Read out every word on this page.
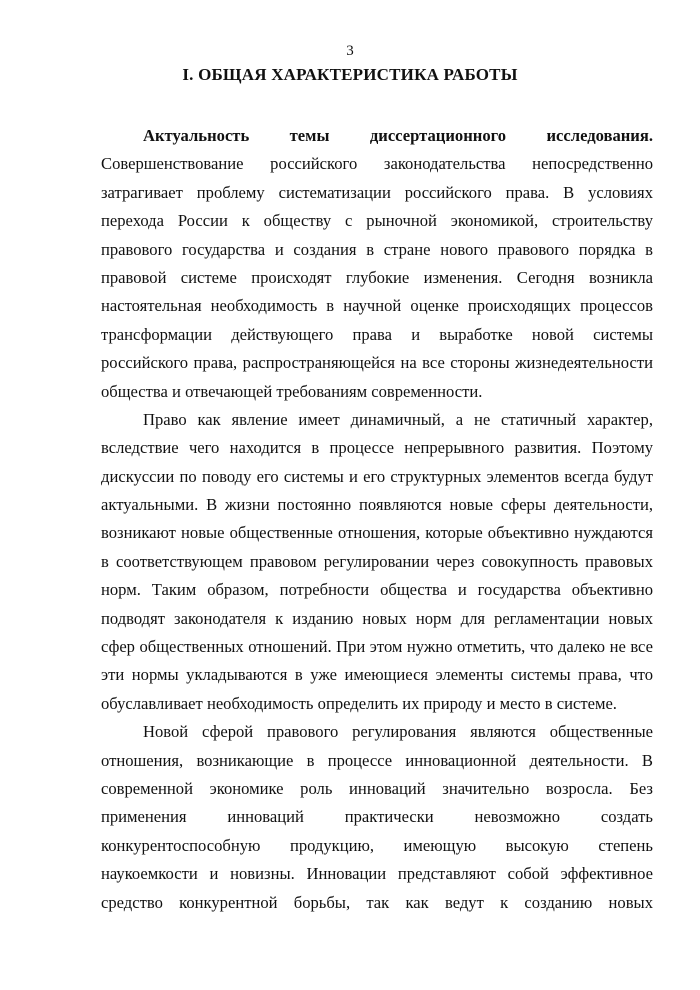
3
I. ОБЩАЯ ХАРАКТЕРИСТИКА РАБОТЫ
Актуальность темы диссертационного исследования.
Совершенствование российского законодательства непосредственно
затрагивает проблему систематизации российского права. В условиях
перехода России к обществу с рыночной экономикой, строительству
правового государства и создания в стране нового правового порядка в
правовой системе происходят глубокие изменения. Сегодня возникла
настоятельная необходимость в научной оценке происходящих процессов
трансформации действующего права и выработке новой системы
российского права, распространяющейся на все стороны жизнедеятельности
общества и отвечающей требованиям современности.
Право как явление имеет динамичный, а не статичный характер,
вследствие чего находится в процессе непрерывного развития. Поэтому
дискуссии по поводу его системы и его структурных элементов всегда будут
актуальными. В жизни постоянно появляются новые сферы деятельности,
возникают новые общественные отношения, которые объективно нуждаются
в соответствующем правовом регулировании через совокупность правовых
норм. Таким образом, потребности общества и государства объективно
подводят законодателя к изданию новых норм для регламентации новых
сфер общественных отношений. При этом нужно отметить, что далеко не все
эти нормы укладываются в уже имеющиеся элементы системы права, что
обуславливает необходимость определить их природу и место в системе.
Новой сферой правового регулирования являются общественные
отношения, возникающие в процессе инновационной деятельности. В
современной экономике роль инноваций значительно возросла. Без
применения инноваций практически невозможно создать
конкурентоспособную продукцию, имеющую высокую степень
наукоемкости и новизны. Инновации представляют собой эффективное
средство конкурентной борьбы, так как ведут к созданию новых
